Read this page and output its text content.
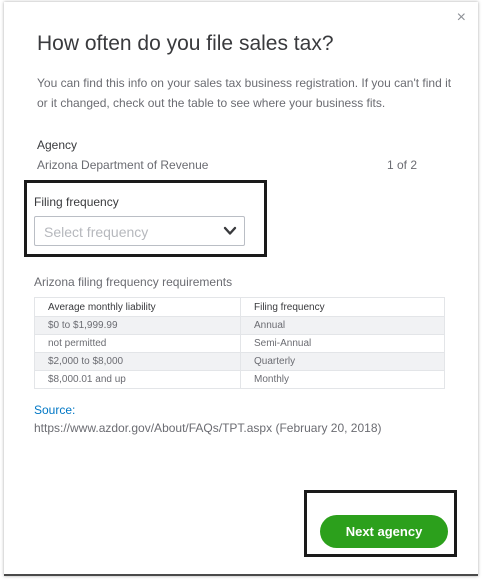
×
How often do you file sales tax?
You can find this info on your sales tax business registration. If you can't find it or it changed, check out the table to see where your business fits.
Agency
Arizona Department of Revenue	1 of 2
Filing frequency
Select frequency
Arizona filing frequency requirements
Average monthly liability	Filing frequency
$0 to $1,999.99	Annual
not permitted	Semi-Annual
$2,000 to $8,000	Quarterly
$8,000.01 and up	Monthly
Source:
https://www.azdor.gov/About/FAQs/TPT.aspx (February 20, 2018)
Next agency
